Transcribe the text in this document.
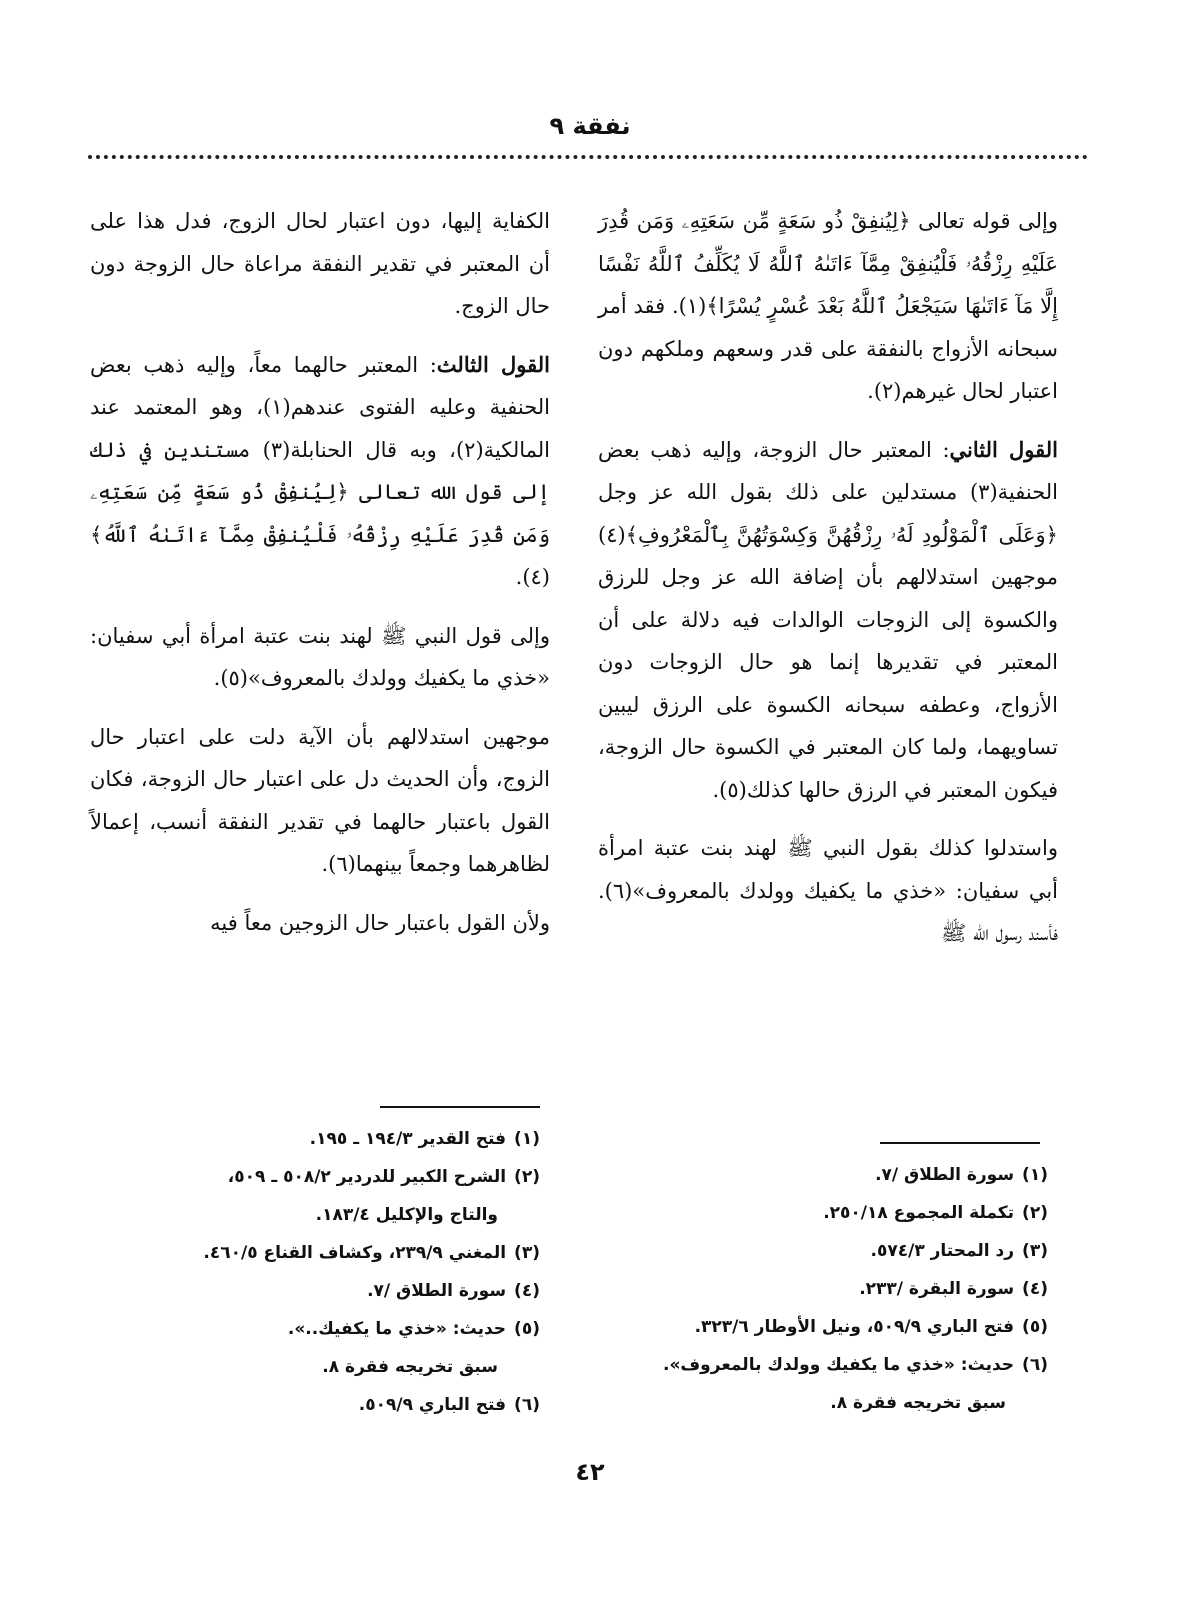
نفقة ٩

وإلى قوله تعالى ﴿لِيُنفِقْ ذُو سَعَةٍ مِّن سَعَتِهِۦ وَمَن قُدِرَ عَلَيْهِ رِزْقُهُۥ فَلْيُنفِقْ مِمَّآ ءَاتَىٰهُ ٱللَّهُ لَا يُكَلِّفُ ٱللَّهُ نَفْسًا إِلَّا مَآ ءَاتَىٰهَا سَيَجْعَلُ ٱللَّهُ بَعْدَ عُسْرٍ يُسْرًا﴾(١). فقد أمر سبحانه الأزواج بالنفقة على قدر وسعهم وملكهم دون اعتبار لحال غيرهم(٢).

القول الثاني: المعتبر حال الزوجة، وإليه ذهب بعض الحنفية(٣) مستدلين على ذلك بقول الله عز وجل ﴿وَعَلَى ٱلْمَوْلُودِ لَهُۥ رِزْقُهُنَّ وَكِسْوَتُهُنَّ بِٱلْمَعْرُوفِ﴾(٤) موجهين استدلالهم بأن إضافة الله عز وجل للرزق والكسوة إلى الزوجات الوالدات فيه دلالة على أن المعتبر في تقديرها إنما هو حال الزوجات دون الأزواج، وعطفه سبحانه الكسوة على الرزق ليبين تساويهما، ولما كان المعتبر في الكسوة حال الزوجة، فيكون المعتبر في الرزق حالها كذلك(٥).

واستدلوا كذلك بقول النبي ﷺ لهند بنت عتبة امرأة أبي سفيان: «خذي ما يكفيك وولدك بالمعروف»(٦). فأسند رسول الله ﷺ

الكفاية إليها، دون اعتبار لحال الزوج، فدل هذا على أن المعتبر في تقدير النفقة مراعاة حال الزوجة دون حال الزوج.

القول الثالث: المعتبر حالهما معاً، وإليه ذهب بعض الحنفية وعليه الفتوى عندهم(١)، وهو المعتمد عند المالكية(٢)، وبه قال الحنابلة(٣) مستندين في ذلك إلى قول الله تعالى ﴿لِيُنفِقْ ذُو سَعَةٍ مِّن سَعَتِهِۦ وَمَن قُدِرَ عَلَيْهِ رِزْقُهُۥ فَلْيُنفِقْ مِمَّآ ءَاتَىٰهُ ٱللَّهُ﴾(٤).

وإلى قول النبي ﷺ لهند بنت عتبة امرأة أبي سفيان: «خذي ما يكفيك وولدك بالمعروف»(٥).

موجهين استدلالهم بأن الآية دلت على اعتبار حال الزوج، وأن الحديث دل على اعتبار حال الزوجة، فكان القول باعتبار حالهما في تقدير النفقة أنسب، إعمالاً لظاهرهما وجمعاً بينهما(٦).

ولأن القول باعتبار حال الزوجين معاً فيه

(١)سورة الطلاق /٧.

(٢)تكملة المجموع ٢٥٠/١٨.

(٣)رد المحتار ٥٧٤/٣.

(٤)سورة البقرة /٢٣٣.

(٥)فتح الباري ٥٠٩/٩، ونيل الأوطار ٣٢٣/٦.

(٦)حديث: «خذي ما يكفيك وولدك بالمعروف».

سبق تخريجه فقرة ٨.

(١)فتح القدير ١٩٤/٣ ـ ١٩٥.

(٢)الشرح الكبير للدردير ٥٠٨/٢ ـ ٥٠٩،

والتاج والإكليل ١٨٣/٤.

(٣)المغني ٢٣٩/٩، وكشاف القناع ٤٦٠/٥.

(٤)سورة الطلاق /٧.

(٥)حديث: «خذي ما يكفيك..».

سبق تخريجه فقرة ٨.

(٦)فتح الباري ٥٠٩/٩.

٤٢
